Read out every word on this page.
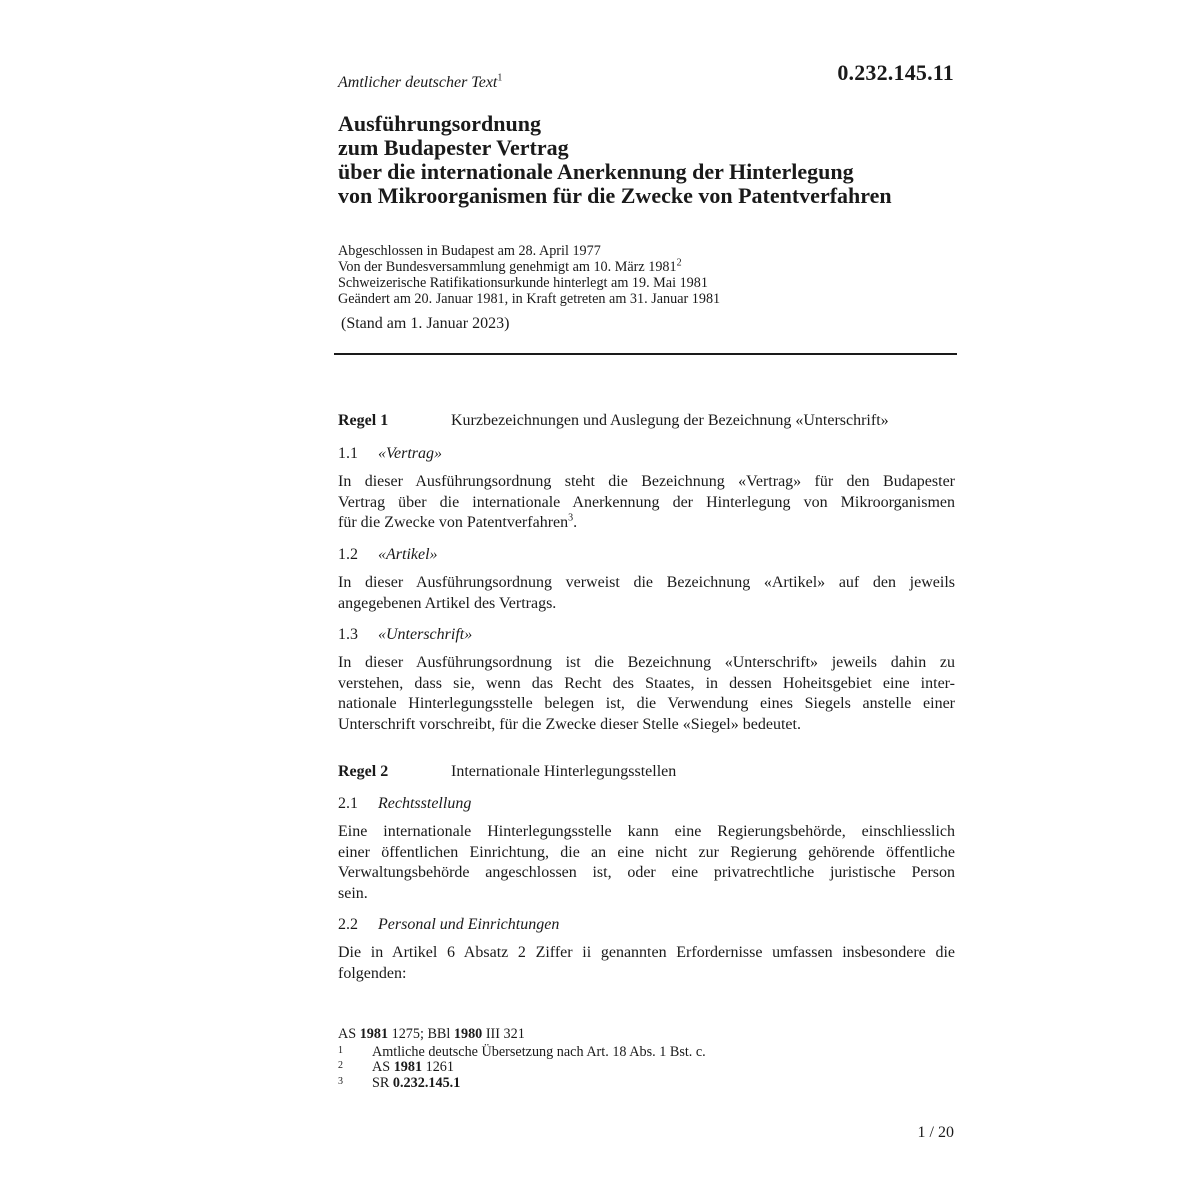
0.232.145.11
Amtlicher deutscher Text$^1$
Ausführungsordnung
zum Budapester Vertrag
über die internationale Anerkennung der Hinterlegung
von Mikroorganismen für die Zwecke von Patentverfahren
Abgeschlossen in Budapest am 28. April 1977
Von der Bundesversammlung genehmigt am 10. März 1981$^2$
Schweizerische Ratifikationsurkunde hinterlegt am 19. Mai 1981
Geändert am 20. Januar 1981, in Kraft getreten am 31. Januar 1981
(Stand am 1. Januar 2023)
Regel 1	Kurzbezeichnungen und Auslegung der Bezeichnung «Unterschrift»
1.1 «Vertrag»
In dieser Ausführungsordnung steht die Bezeichnung «Vertrag» für den Budapester
Vertrag über die internationale Anerkennung der Hinterlegung von Mikroorganismen
für die Zwecke von Patentverfahren$^3$.
1.2 «Artikel»
In dieser Ausführungsordnung verweist die Bezeichnung «Artikel» auf den jeweils
angegebenen Artikel des Vertrags.
1.3 «Unterschrift»
In dieser Ausführungsordnung ist die Bezeichnung «Unterschrift» jeweils dahin zu
verstehen, dass sie, wenn das Recht des Staates, in dessen Hoheitsgebiet eine inter-
nationale Hinterlegungsstelle belegen ist, die Verwendung eines Siegels anstelle einer
Unterschrift vorschreibt, für die Zwecke dieser Stelle «Siegel» bedeutet.
Regel 2	Internationale Hinterlegungsstellen
2.1 Rechtsstellung
Eine internationale Hinterlegungsstelle kann eine Regierungsbehörde, einschliesslich
einer öffentlichen Einrichtung, die an eine nicht zur Regierung gehörende öffentliche
Verwaltungsbehörde angeschlossen ist, oder eine privatrechtliche juristische Person
sein.
2.2 Personal und Einrichtungen
Die in Artikel 6 Absatz 2 Ziffer ii genannten Erfordernisse umfassen insbesondere die
folgenden:
AS 1981 1275; BBl 1980 III 321
1	Amtliche deutsche Übersetzung nach Art. 18 Abs. 1 Bst. c.
2	AS 1981 1261
3	SR 0.232.145.1
1 / 20
